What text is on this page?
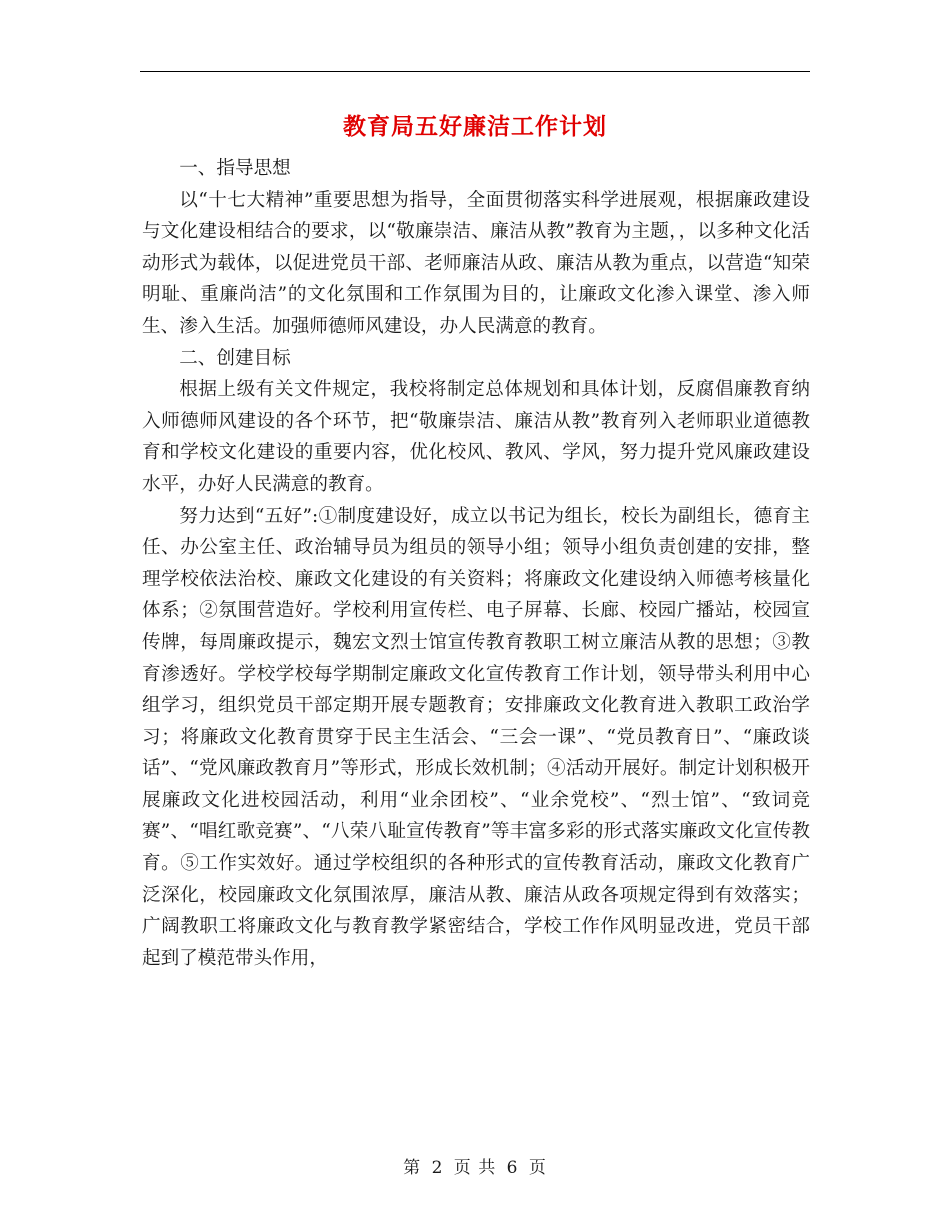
教育局五好廉洁工作计划

一、指导思想

以“十七大精神”重要思想为指导，全面贯彻落实科学进展观，根据廉政建设与文化建设相结合的要求，以“敬廉崇洁、廉洁从教”教育为主题，，以多种文化活动形式为载体，以促进党员干部、老师廉洁从政、廉洁从教为重点，以营造“知荣明耻、重廉尚洁”的文化氛围和工作氛围为目的，让廉政文化渗入课堂、渗入师生、渗入生活。加强师德师风建设，办人民满意的教育。

二、创建目标

根据上级有关文件规定，我校将制定总体规划和具体计划，反腐倡廉教育纳入师德师风建设的各个环节，把“敬廉崇洁、廉洁从教”教育列入老师职业道德教育和学校文化建设的重要内容，优化校风、教风、学风，努力提升党风廉政建设水平，办好人民满意的教育。

努力达到“五好”:①制度建设好，成立以书记为组长，校长为副组长，德育主任、办公室主任、政治辅导员为组员的领导小组；领导小组负责创建的安排，整理学校依法治校、廉政文化建设的有关资料；将廉政文化建设纳入师德考核量化体系；②氛围营造好。学校利用宣传栏、电子屏幕、长廊、校园广播站，校园宣传牌，每周廉政提示，魏宏文烈士馆宣传教育教职工树立廉洁从教的思想；③教育渗透好。学校学校每学期制定廉政文化宣传教育工作计划，领导带头利用中心组学习，组织党员干部定期开展专题教育；安排廉政文化教育进入教职工政治学习；将廉政文化教育贯穿于民主生活会、“三会一课”、“党员教育日”、“廉政谈话”、“党风廉政教育月”等形式，形成长效机制；④活动开展好。制定计划积极开展廉政文化进校园活动，利用“业余团校”、“业余党校”、“烈士馆”、“致词竞赛”、“唱红歌竞赛”、“八荣八耻宣传教育”等丰富多彩的形式落实廉政文化宣传教育。⑤工作实效好。通过学校组织的各种形式的宣传教育活动，廉政文化教育广泛深化，校园廉政文化氛围浓厚，廉洁从教、廉洁从政各项规定得到有效落实；广阔教职工将廉政文化与教育教学紧密结合，学校工作作风明显改进，党员干部起到了模范带头作用，

第 2 页 共 6 页
